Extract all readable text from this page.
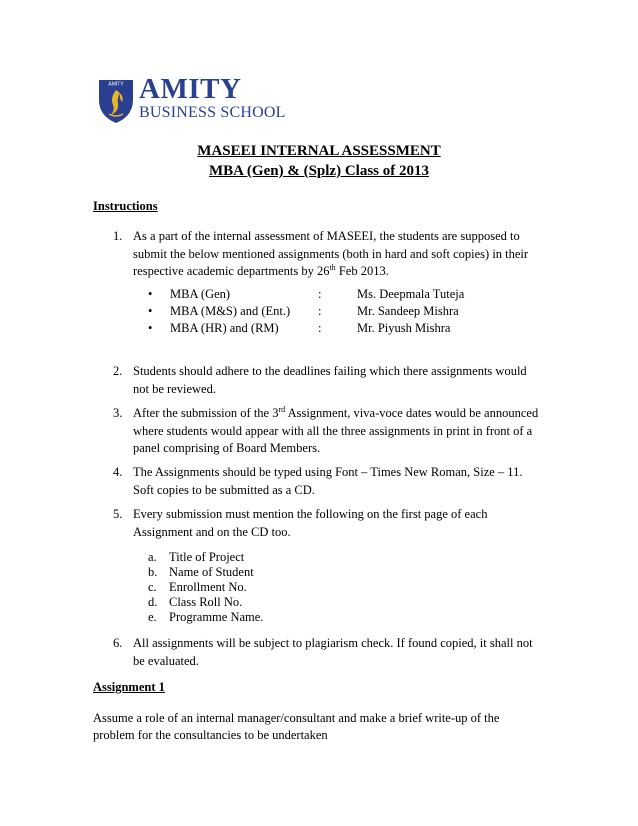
AMITY AMITY
BUSINESS SCHOOL
MASEEI INTERNAL ASSESSMENT
MBA (Gen) & (Splz) Class of 2013
Instructions
1. As a part of the internal assessment of MASEEI, the students are supposed to
submit the below mentioned assignments (both in hard and soft copies) in their
respective academic departments by 26th Feb 2013.
• MBA (Gen)	:	Ms. Deepmala Tuteja
• MBA (M&S) and (Ent.) :	Mr. Sandeep Mishra
• MBA (HR) and (RM)	:	Mr. Piyush Mishra
2. Students should adhere to the deadlines failing which there assignments would
not be reviewed.
3. After the submission of the 3rd Assignment, viva-voce dates would be announced
where students would appear with all the three assignments in print in front of a
panel comprising of Board Members.
4. The Assignments should be typed using Font – Times New Roman, Size – 11.
Soft copies to be submitted as a CD.
5. Every submission must mention the following on the first page of each
Assignment and on the CD too.
a. Title of Project
b. Name of Student
c. Enrollment No.
d. Class Roll No.
e. Programme Name.
6. All assignments will be subject to plagiarism check. If found copied, it shall not
be evaluated.
Assignment 1
Assume a role of an internal manager/consultant and make a brief write-up of the
problem for the consultancies to be undertaken
